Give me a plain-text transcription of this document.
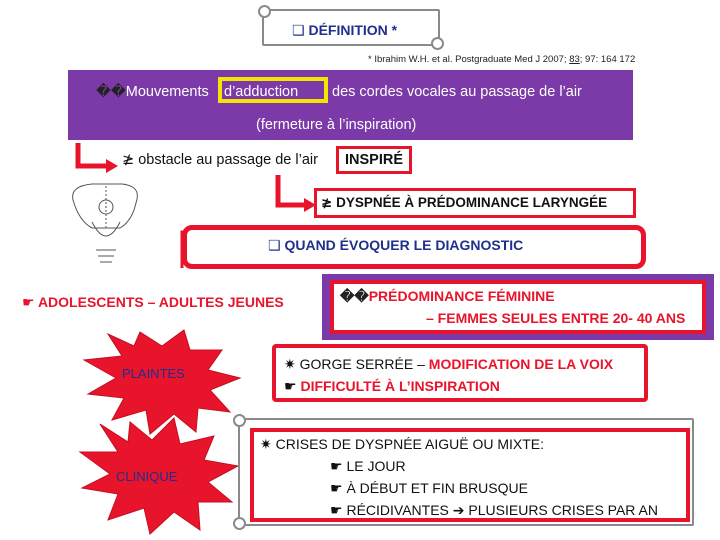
❑ DÉFINITION *
* Ibrahim W.H. et al. Postgraduate Med J 2007; 83; 97: 164 172
��Mouvements d’adduction des cordes vocales au passage de l’air
(fermeture à l’inspiration)
≱ obstacle au passage de l’air INSPIRÉ
≱ DYSPNÉE À PRÉDOMINANCE LARYNGÉE
❑ QUAND ÉVOQUER LE DIAGNOSTIC
☛ ADOLESCENTS – ADULTES JEUNES	��PRÉDOMINANCE FÉMININE
– FEMMES SEULES ENTRE 20- 40 ANS
PLAINTES
CLINIQUE
✷ GORGE SERRÉE – MODIFICATION DE LA VOIX
☛ DIFFICULTÉ À L’INSPIRATION
✷ CRISES DE DYSPNÉE AIGUË OU MIXTE:
☛ LE JOUR
☛ À DÉBUT ET FIN BRUSQUE
☛ RÉCIDIVANTES ➔ PLUSIEURS CRISES PAR AN
